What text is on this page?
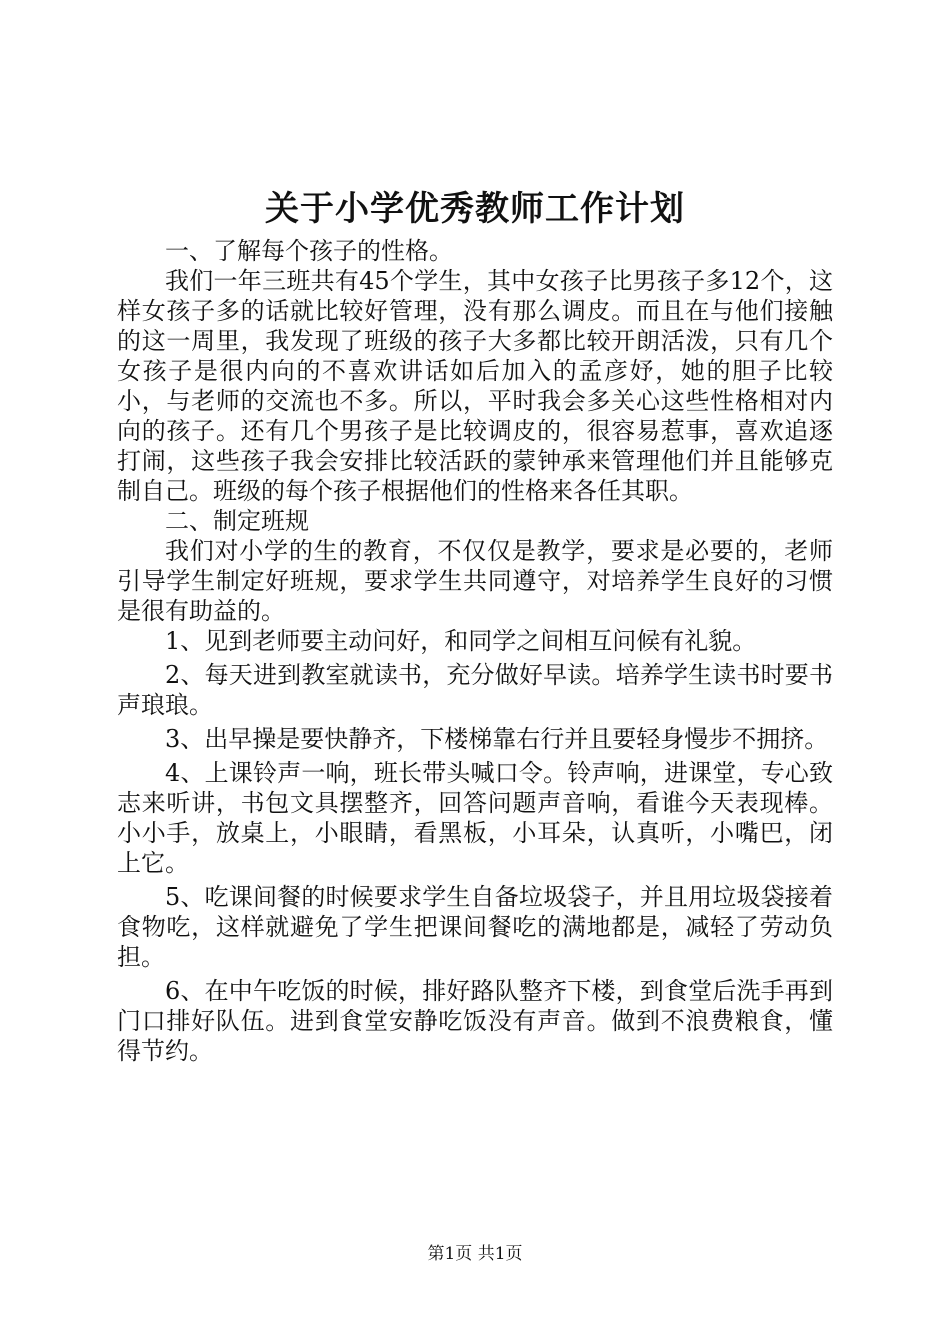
关于小学优秀教师工作计划

一、了解每个孩子的性格。

我们一年三班共有45个学生，其中女孩子比男孩子多12个，这样女孩子多的话就比较好管理，没有那么调皮。而且在与他们接触的这一周里，我发现了班级的孩子大多都比较开朗活泼，只有几个女孩子是很内向的不喜欢讲话如后加入的孟彦妤，她的胆子比较小，与老师的交流也不多。所以，平时我会多关心这些性格相对内向的孩子。还有几个男孩子是比较调皮的，很容易惹事，喜欢追逐打闹，这些孩子我会安排比较活跃的蒙钟承来管理他们并且能够克制自己。班级的每个孩子根据他们的性格来各任其职。

二、制定班规

我们对小学的生的教育，不仅仅是教学，要求是必要的，老师引导学生制定好班规，要求学生共同遵守，对培养学生良好的习惯是很有助益的。

1、见到老师要主动问好，和同学之间相互问候有礼貌。

2、每天进到教室就读书，充分做好早读。培养学生读书时要书声琅琅。

3、出早操是要快静齐，下楼梯靠右行并且要轻身慢步不拥挤。

4、上课铃声一响，班长带头喊口令。铃声响，进课堂，专心致志来听讲，书包文具摆整齐，回答问题声音响，看谁今天表现棒。小小手，放桌上，小眼睛，看黑板，小耳朵，认真听，小嘴巴，闭上它。

5、吃课间餐的时候要求学生自备垃圾袋子，并且用垃圾袋接着食物吃，这样就避免了学生把课间餐吃的满地都是，减轻了劳动负担。

6、在中午吃饭的时候，排好路队整齐下楼，到食堂后洗手再到门口排好队伍。进到食堂安静吃饭没有声音。做到不浪费粮食，懂得节约。

第1页 共1页
